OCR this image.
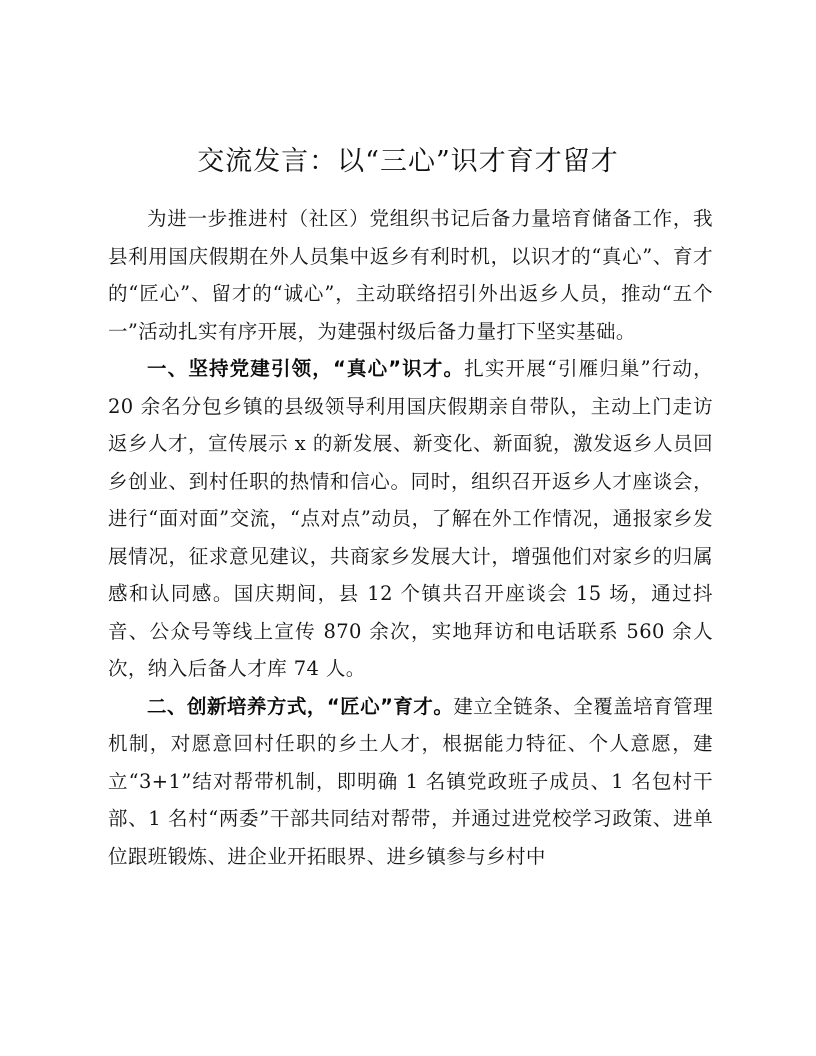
交流发言：以“三心”识才育才留才

为进一步推进村（社区）党组织书记后备力量培育储备工作，我县利用国庆假期在外人员集中返乡有利时机，以识才的“真心”、育才的“匠心”、留才的“诚心”，主动联络招引外出返乡人员，推动“五个一”活动扎实有序开展，为建强村级后备力量打下坚实基础。

一、坚持党建引领，“真心”识才。扎实开展“引雁归巢”行动，20 余名分包乡镇的县级领导利用国庆假期亲自带队，主动上门走访返乡人才，宣传展示 x 的新发展、新变化、新面貌，激发返乡人员回乡创业、到村任职的热情和信心。同时，组织召开返乡人才座谈会，进行“面对面”交流，“点对点”动员，了解在外工作情况，通报家乡发展情况，征求意见建议，共商家乡发展大计，增强他们对家乡的归属感和认同感。国庆期间，县 12 个镇共召开座谈会 15 场，通过抖音、公众号等线上宣传 870 余次，实地拜访和电话联系 560 余人次，纳入后备人才库 74 人。

二、创新培养方式，“匠心”育才。建立全链条、全覆盖培育管理机制，对愿意回村任职的乡土人才，根据能力特征、个人意愿，建立“3+1”结对帮带机制，即明确 1 名镇党政班子成员、1 名包村干部、1 名村“两委”干部共同结对帮带，并通过进党校学习政策、进单位跟班锻炼、进企业开拓眼界、进乡镇参与乡村中
